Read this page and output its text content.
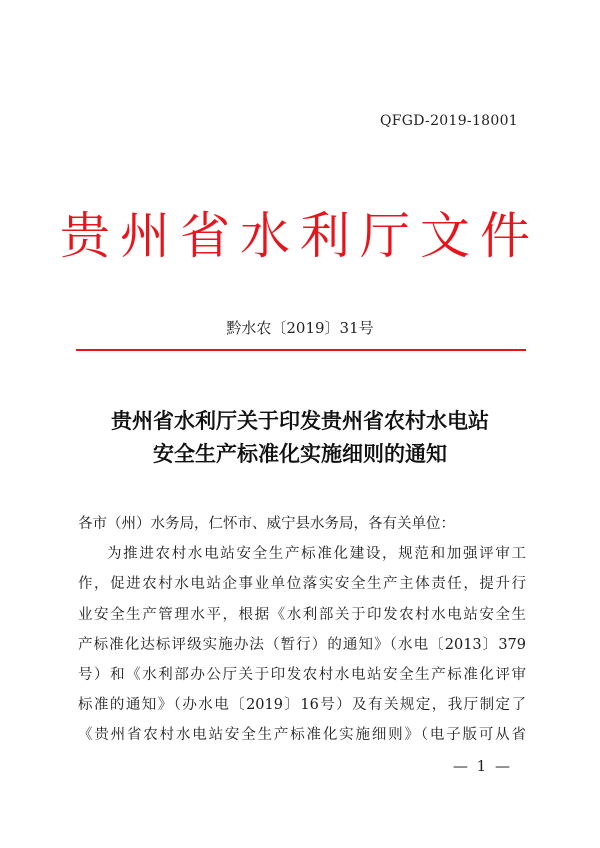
QFGD-2019-18001
贵州省水利厅文件
黔水农〔2019〕31号
贵州省水利厅关于印发贵州省农村水电站
安全生产标准化实施细则的通知
各市（州）水务局，仁怀市、威宁县水务局，各有关单位：
为推进农村水电站安全生产标准化建设，规范和加强评审工
作，促进农村水电站企事业单位落实安全生产主体责任，提升行
业安全生产管理水平，根据《水利部关于印发农村水电站安全生
产标准化达标评级实施办法（暂行）的通知》（水电〔2013〕379
号）和《水利部办公厅关于印发农村水电站安全生产标准化评审
标准的通知》（办水电〔2019〕16号）及有关规定，我厅制定了
《贵州省农村水电站安全生产标准化实施细则》（电子版可从省
— 1 —
